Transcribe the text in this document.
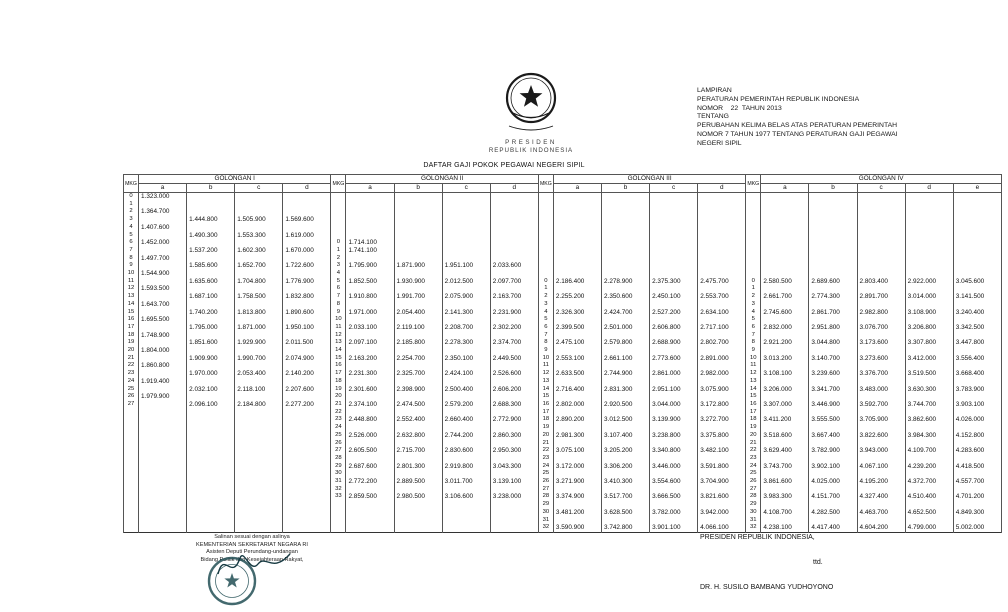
PRESIDEN
REPUBLIK INDONESIA
LAMPIRAN
PERATURAN PEMERINTAH REPUBLIK INDONESIA
NOMOR    22  TAHUN 2013
TENTANG
PERUBAHAN KELIMA BELAS ATAS PERATURAN PEMERINTAH
NOMOR 7 TAHUN 1977 TENTANG PERATURAN GAJI PEGAWAI
NEGERI SIPIL
DAFTAR GAJI POKOK PEGAWAI NEGERI SIPIL
MKG	GOLONGAN I				MKG	GOLONGAN II				MKG	GOLONGAN III				MKG	GOLONGAN IV				
	a	b	c	d		a	b	c	d		a	b	c	d		a	b	c	d	e
0	1.323.000																			
1																				
2	1.364.700																			
3		1.444.800	1.505.900	1.569.600																
4	1.407.600																			
5		1.490.300	1.553.300	1.619.000																
6	1.452.000				0	1.714.100														
7		1.537.200	1.602.300	1.670.000	1	1.741.100														
8	1.497.700				2															
9		1.585.600	1.652.700	1.722.600	3	1.795.900	1.871.900	1.951.100	2.033.600											
10	1.544.900				4															
11		1.635.600	1.704.800	1.776.900	5	1.852.500	1.930.900	2.012.500	2.097.700	0	2.186.400	2.278.900	2.375.300	2.475.700	0	2.580.500	2.689.600	2.803.400	2.922.000	3.045.600
12	1.593.500				6					1					1					
13		1.687.100	1.758.500	1.832.800	7	1.910.800	1.991.700	2.075.900	2.163.700	2	2.255.200	2.350.600	2.450.100	2.553.700	2	2.661.700	2.774.300	2.891.700	3.014.000	3.141.500
14	1.643.700				8					3					3					
15		1.740.200	1.813.800	1.890.600	9	1.971.000	2.054.400	2.141.300	2.231.900	4	2.326.300	2.424.700	2.527.200	2.634.100	4	2.745.600	2.861.700	2.982.800	3.108.900	3.240.400
16	1.695.500				10					5					5					
17		1.795.000	1.871.000	1.950.100	11	2.033.100	2.119.100	2.208.700	2.302.200	6	2.399.500	2.501.000	2.606.800	2.717.100	6	2.832.000	2.951.800	3.076.700	3.206.800	3.342.500
18	1.748.900				12					7					7					
19		1.851.600	1.929.900	2.011.500	13	2.097.100	2.185.800	2.278.300	2.374.700	8	2.475.100	2.579.800	2.688.900	2.802.700	8	2.921.200	3.044.800	3.173.600	3.307.800	3.447.800
20	1.804.000				14					9					9					
21		1.909.900	1.990.700	2.074.900	15	2.163.200	2.254.700	2.350.100	2.449.500	10	2.553.100	2.661.100	2.773.600	2.891.000	10	3.013.200	3.140.700	3.273.600	3.412.000	3.556.400
22	1.860.800				16					11					11					
23		1.970.000	2.053.400	2.140.200	17	2.231.300	2.325.700	2.424.100	2.526.600	12	2.633.500	2.744.900	2.861.000	2.982.000	12	3.108.100	3.239.600	3.376.700	3.519.500	3.668.400
24	1.919.400				18					13					13					
25		2.032.100	2.118.100	2.207.600	19	2.301.600	2.398.900	2.500.400	2.606.200	14	2.716.400	2.831.300	2.951.100	3.075.900	14	3.206.000	3.341.700	3.483.000	3.630.300	3.783.900
26	1.979.900				20					15					15					
27		2.096.100	2.184.800	2.277.200	21	2.374.100	2.474.500	2.579.200	2.688.300	16	2.802.000	2.920.500	3.044.000	3.172.800	16	3.307.000	3.446.900	3.592.700	3.744.700	3.903.100
					22					17					17					
					23	2.448.800	2.552.400	2.660.400	2.772.900	18	2.890.200	3.012.500	3.139.900	3.272.700	18	3.411.200	3.555.500	3.705.900	3.862.600	4.026.000
					24					19					19					
					25	2.526.000	2.632.800	2.744.200	2.860.300	20	2.981.300	3.107.400	3.238.800	3.375.800	20	3.518.600	3.667.400	3.822.600	3.984.300	4.152.800
					26					21					21					
					27	2.605.500	2.715.700	2.830.600	2.950.300	22	3.075.100	3.205.200	3.340.800	3.482.100	22	3.629.400	3.782.900	3.943.000	4.109.700	4.283.600
					28					23					23					
					29	2.687.600	2.801.300	2.919.800	3.043.300	24	3.172.000	3.306.200	3.446.000	3.591.800	24	3.743.700	3.902.100	4.067.100	4.239.200	4.418.500
					30					25					25					
					31	2.772.200	2.889.500	3.011.700	3.139.100	26	3.271.900	3.410.300	3.554.600	3.704.900	26	3.861.600	4.025.000	4.195.200	4.372.700	4.557.700
					32					27					27					
					33	2.859.500	2.980.500	3.106.600	3.238.000	28	3.374.900	3.517.700	3.666.500	3.821.600	28	3.983.300	4.151.700	4.327.400	4.510.400	4.701.200
										29					29					
										30	3.481.200	3.628.500	3.782.000	3.942.000	30	4.108.700	4.282.500	4.463.700	4.652.500	4.849.300
										31					31					
										32	3.590.900	3.742.800	3.901.100	4.066.100	32	4.238.100	4.417.400	4.604.200	4.799.000	5.002.000
Salinan sesuai dengan aslinya
KEMENTERIAN SEKRETARIAT NEGARA RI
Asisten Deputi Perundang-undangan
Bidang Politik dan Kesejahteraan Rakyat,
PRESIDEN REPUBLIK INDONESIA,
ttd.
DR. H. SUSILO BAMBANG YUDHOYONO
